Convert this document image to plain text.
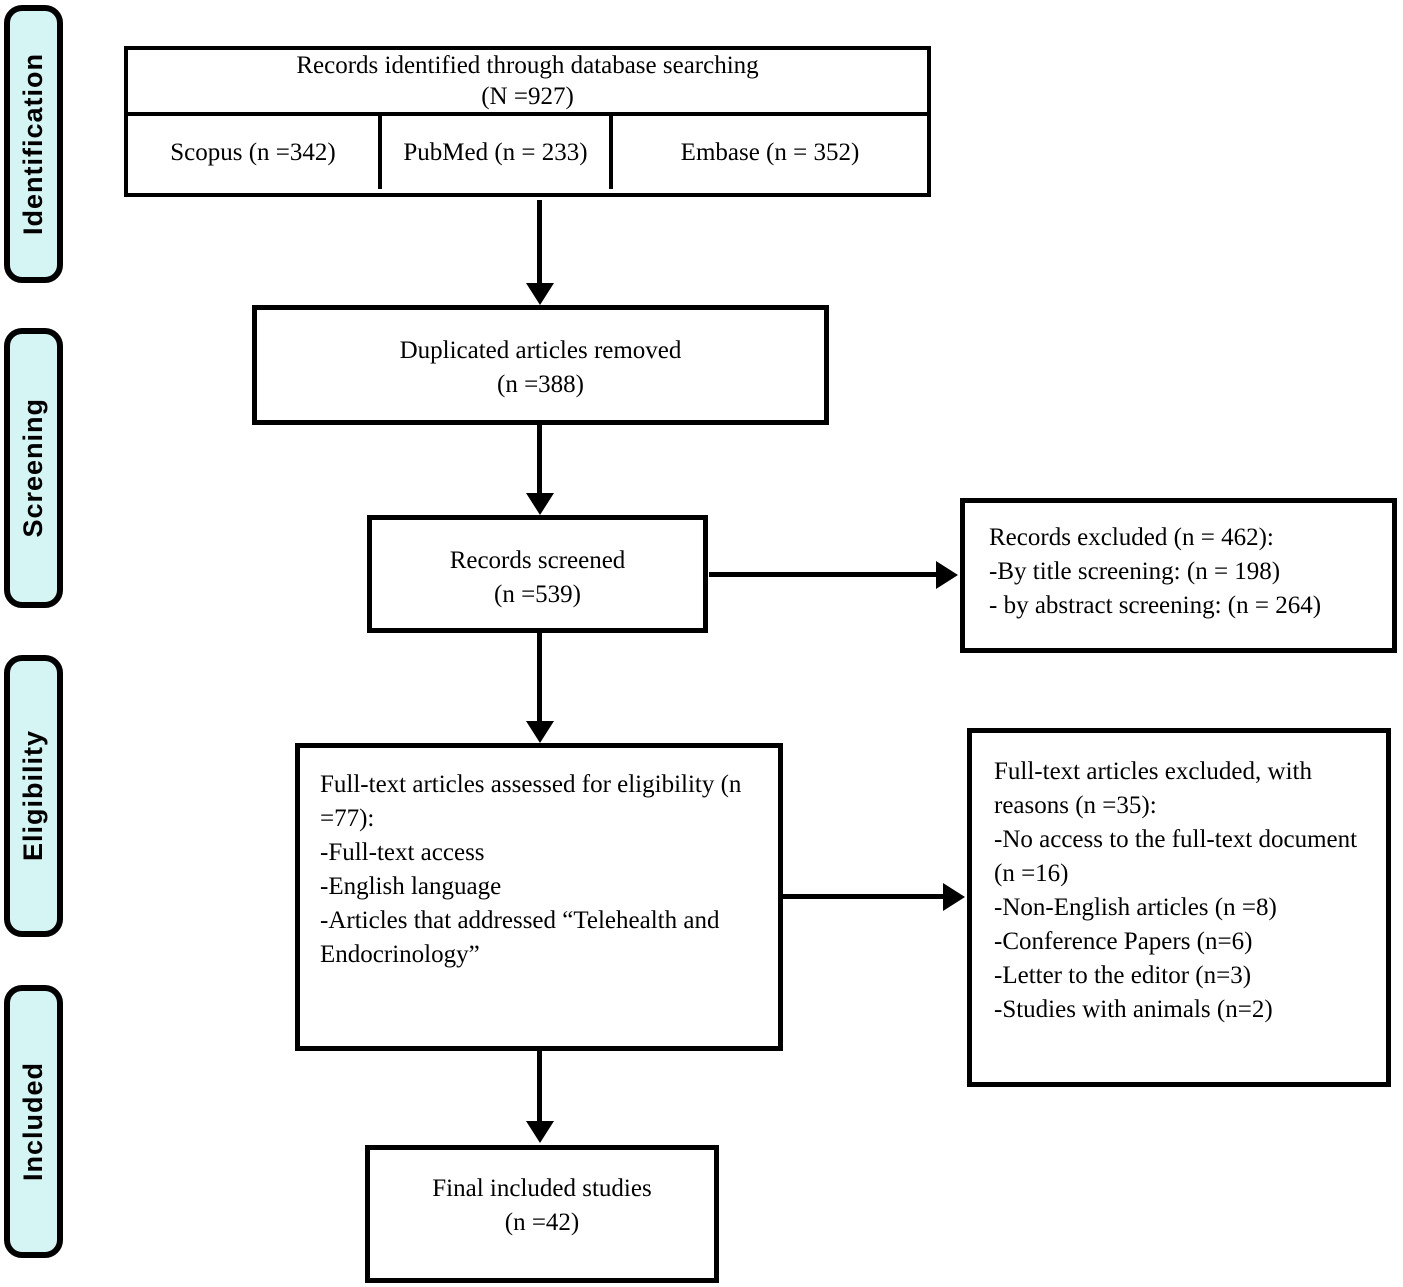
Identification
Screening
Eligibility
Included
Records identified through database searching
(N =927)
Scopus (n =342)	PubMed (n = 233)	Embase (n = 352)
Duplicated articles removed
(n =388)
Records screened
(n =539)
Records excluded (n = 462):
-By title screening: (n = 198)
- by abstract screening: (n = 264)
Full-text articles assessed for eligibility (n =77):
-Full-text access
-English language
-Articles that addressed “Telehealth and Endocrinology”
Full-text articles excluded, with reasons (n =35):
-No access to the full-text document (n =16)
-Non-English articles (n =8)
-Conference Papers (n=6)
-Letter to the editor (n=3)
-Studies with animals (n=2)
Final included studies
(n =42)
